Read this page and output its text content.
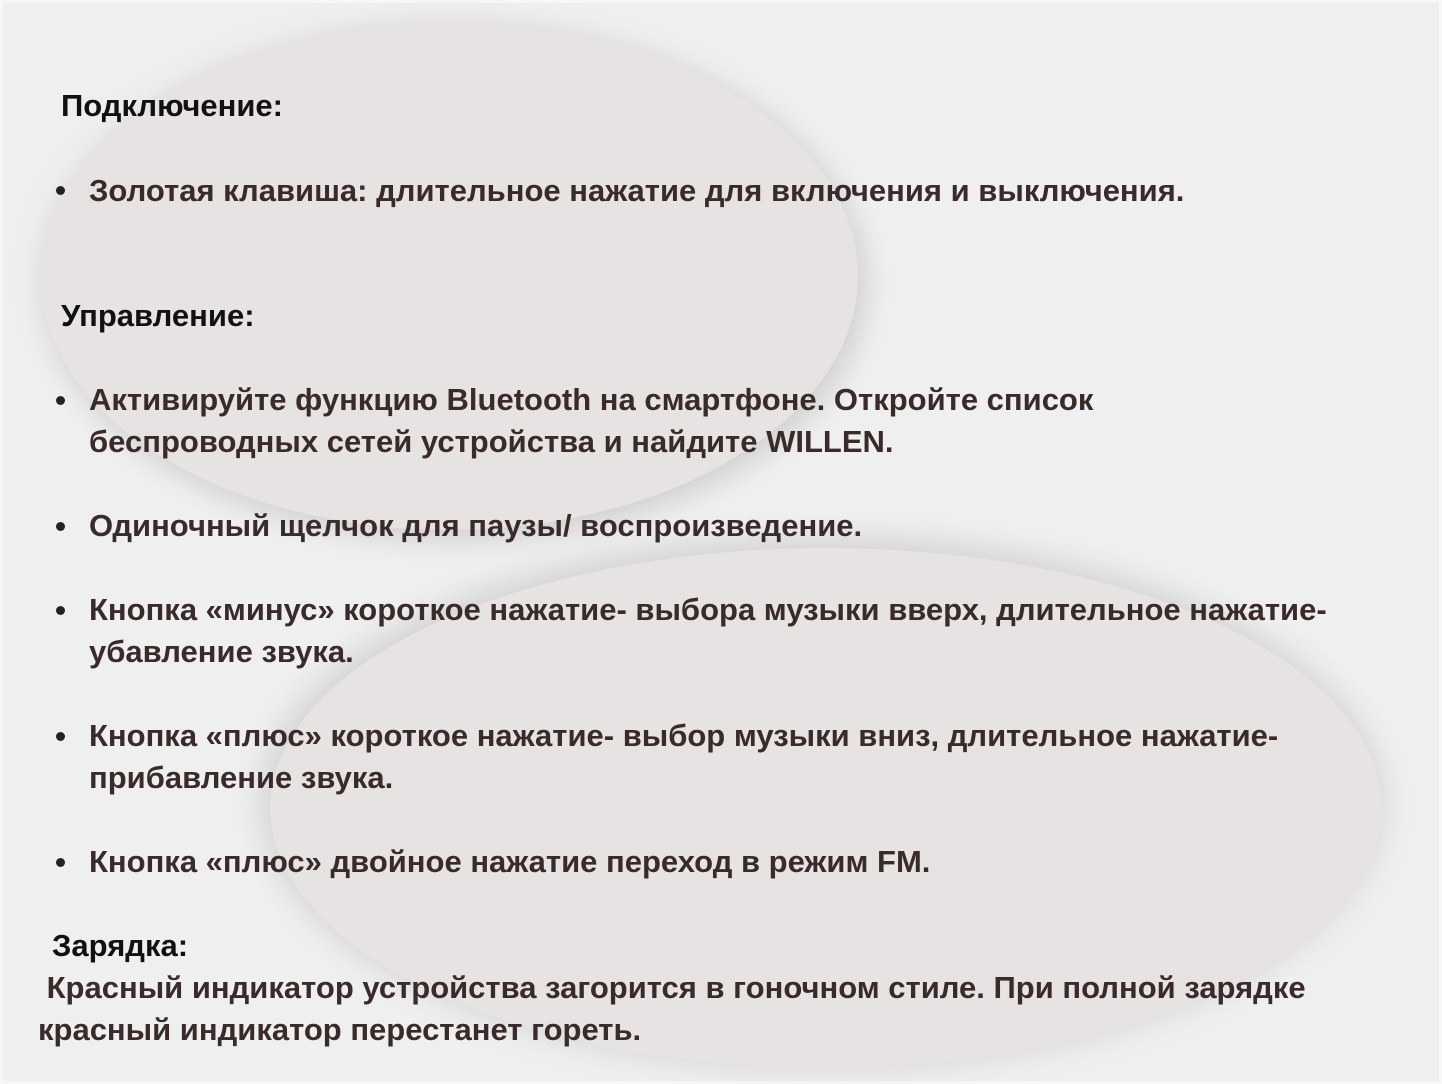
Подключение:
Золотая клавиша: длительное нажатие для включения и выключения.
Управление:
Активируйте функцию Bluetooth на смартфоне. Откройте список беспроводных сетей устройства и найдите WILLEN.
Одиночный щелчок для паузы/ воспроизведение.
Кнопка «минус» короткое нажатие- выбора музыки вверх, длительное нажатие- убавление звука.
Кнопка «плюс» короткое нажатие- выбор музыки вниз, длительное нажатие- прибавление звука.
Кнопка «плюс» двойное нажатие переход в режим FM.
Зарядка:
Красный индикатор устройства загорится в гоночном стиле. При полной зарядке красный индикатор перестанет гореть.
